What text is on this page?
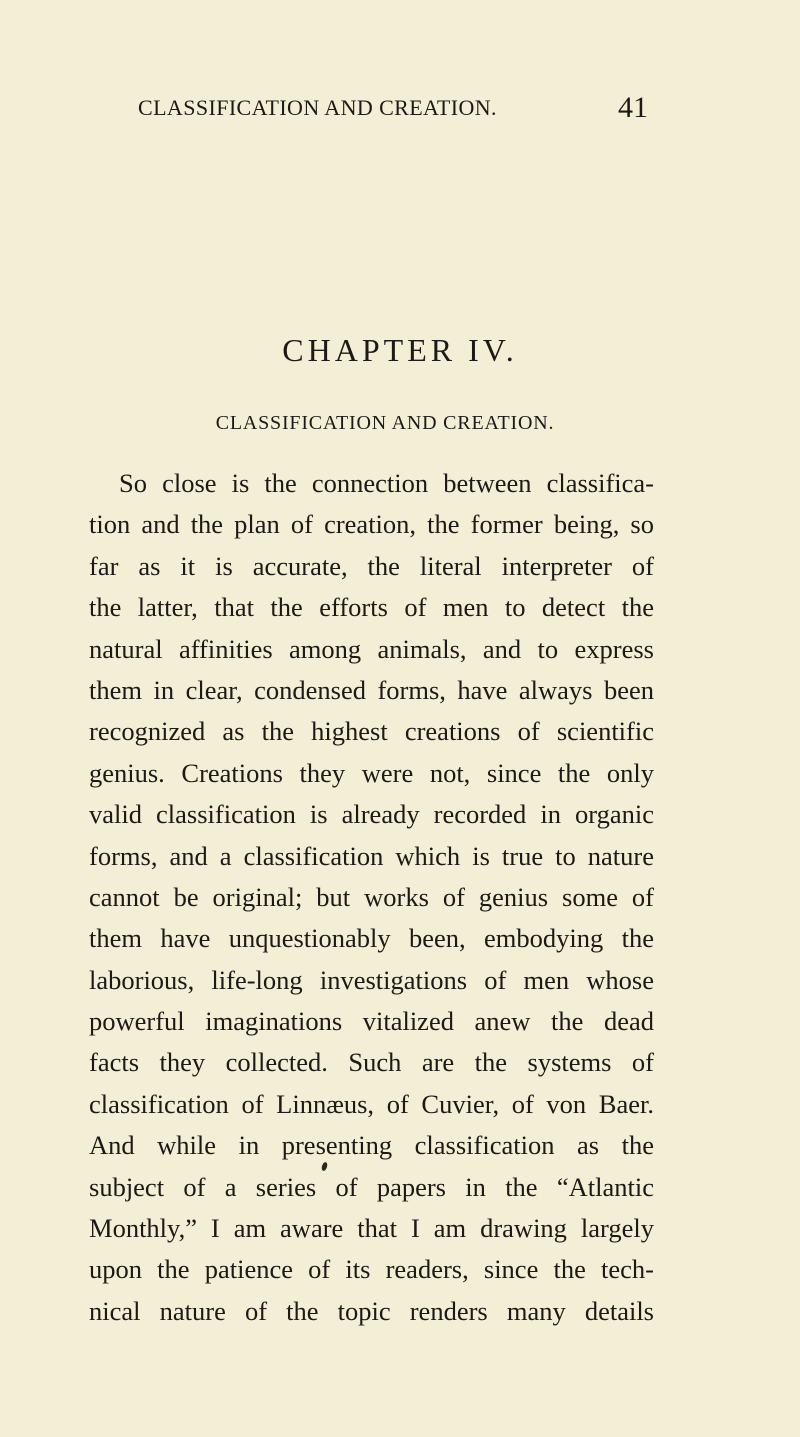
CLASSIFICATION AND CREATION.	41
CHAPTER IV.
CLASSIFICATION AND CREATION.
So close is the connection between classifica-
tion and the plan of creation, the former being, so
far as it is accurate, the literal interpreter of
the latter, that the efforts of men to detect the
natural affinities among animals, and to express
them in clear, condensed forms, have always been
recognized as the highest creations of scientific
genius. Creations they were not, since the only
valid classification is already recorded in organic
forms, and a classification which is true to nature
cannot be original; but works of genius some of
them have unquestionably been, embodying the
laborious, life-long investigations of men whose
powerful imaginations vitalized anew the dead
facts they collected. Such are the systems of
classification of Linnæus, of Cuvier, of von Baer.
And while in presenting classification as the
subject of a series of papers in the “Atlantic
Monthly,” I am aware that I am drawing largely
upon the patience of its readers, since the tech-
nical nature of the topic renders many details
